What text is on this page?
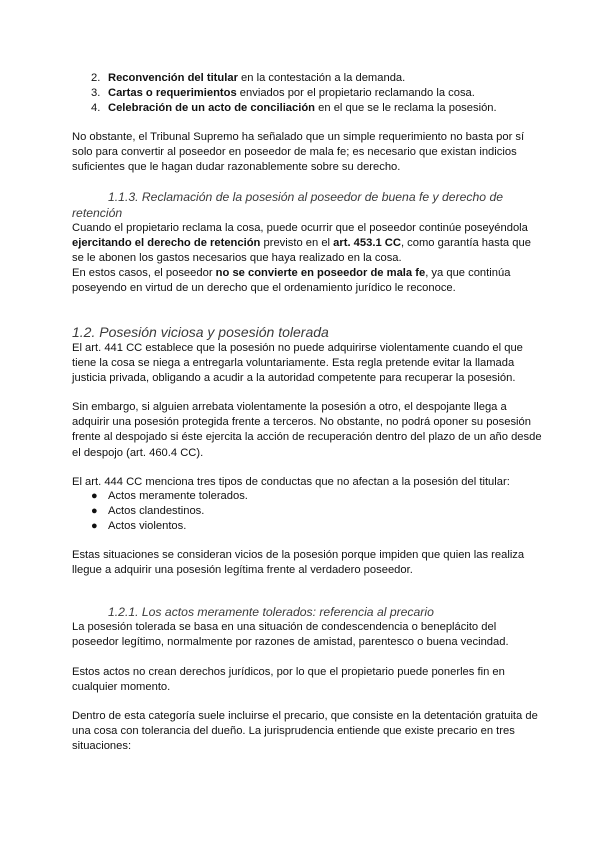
2. Reconvención del titular en la contestación a la demanda.
3. Cartas o requerimientos enviados por el propietario reclamando la cosa.
4. Celebración de un acto de conciliación en el que se le reclama la posesión.

No obstante, el Tribunal Supremo ha señalado que un simple requerimiento no basta por sí solo para convertir al poseedor en poseedor de mala fe; es necesario que existan indicios suficientes que le hagan dudar razonablemente sobre su derecho.

1.1.3. Reclamación de la posesión al poseedor de buena fe y derecho de retención

Cuando el propietario reclama la cosa, puede ocurrir que el poseedor continúe poseyéndola ejercitando el derecho de retención previsto en el art. 453.1 CC, como garantía hasta que se le abonen los gastos necesarios que haya realizado en la cosa.

En estos casos, el poseedor no se convierte en poseedor de mala fe, ya que continúa poseyendo en virtud de un derecho que el ordenamiento jurídico le reconoce.

1.2. Posesión viciosa y posesión tolerada

El art. 441 CC establece que la posesión no puede adquirirse violentamente cuando el que tiene la cosa se niega a entregarla voluntariamente. Esta regla pretende evitar la llamada justicia privada, obligando a acudir a la autoridad competente para recuperar la posesión.

Sin embargo, si alguien arrebata violentamente la posesión a otro, el despojante llega a adquirir una posesión protegida frente a terceros. No obstante, no podrá oponer su posesión frente al despojado si éste ejercita la acción de recuperación dentro del plazo de un año desde el despojo (art. 460.4 CC).

El art. 444 CC menciona tres tipos de conductas que no afectan a la posesión del titular:

● Actos meramente tolerados.
● Actos clandestinos.
● Actos violentos.

Estas situaciones se consideran vicios de la posesión porque impiden que quien las realiza llegue a adquirir una posesión legítima frente al verdadero poseedor.

1.2.1. Los actos meramente tolerados: referencia al precario

La posesión tolerada se basa en una situación de condescendencia o beneplácito del poseedor legítimo, normalmente por razones de amistad, parentesco o buena vecindad.

Estos actos no crean derechos jurídicos, por lo que el propietario puede ponerles fin en cualquier momento.

Dentro de esta categoría suele incluirse el precario, que consiste en la detentación gratuita de una cosa con tolerancia del dueño. La jurisprudencia entiende que existe precario en tres situaciones:
